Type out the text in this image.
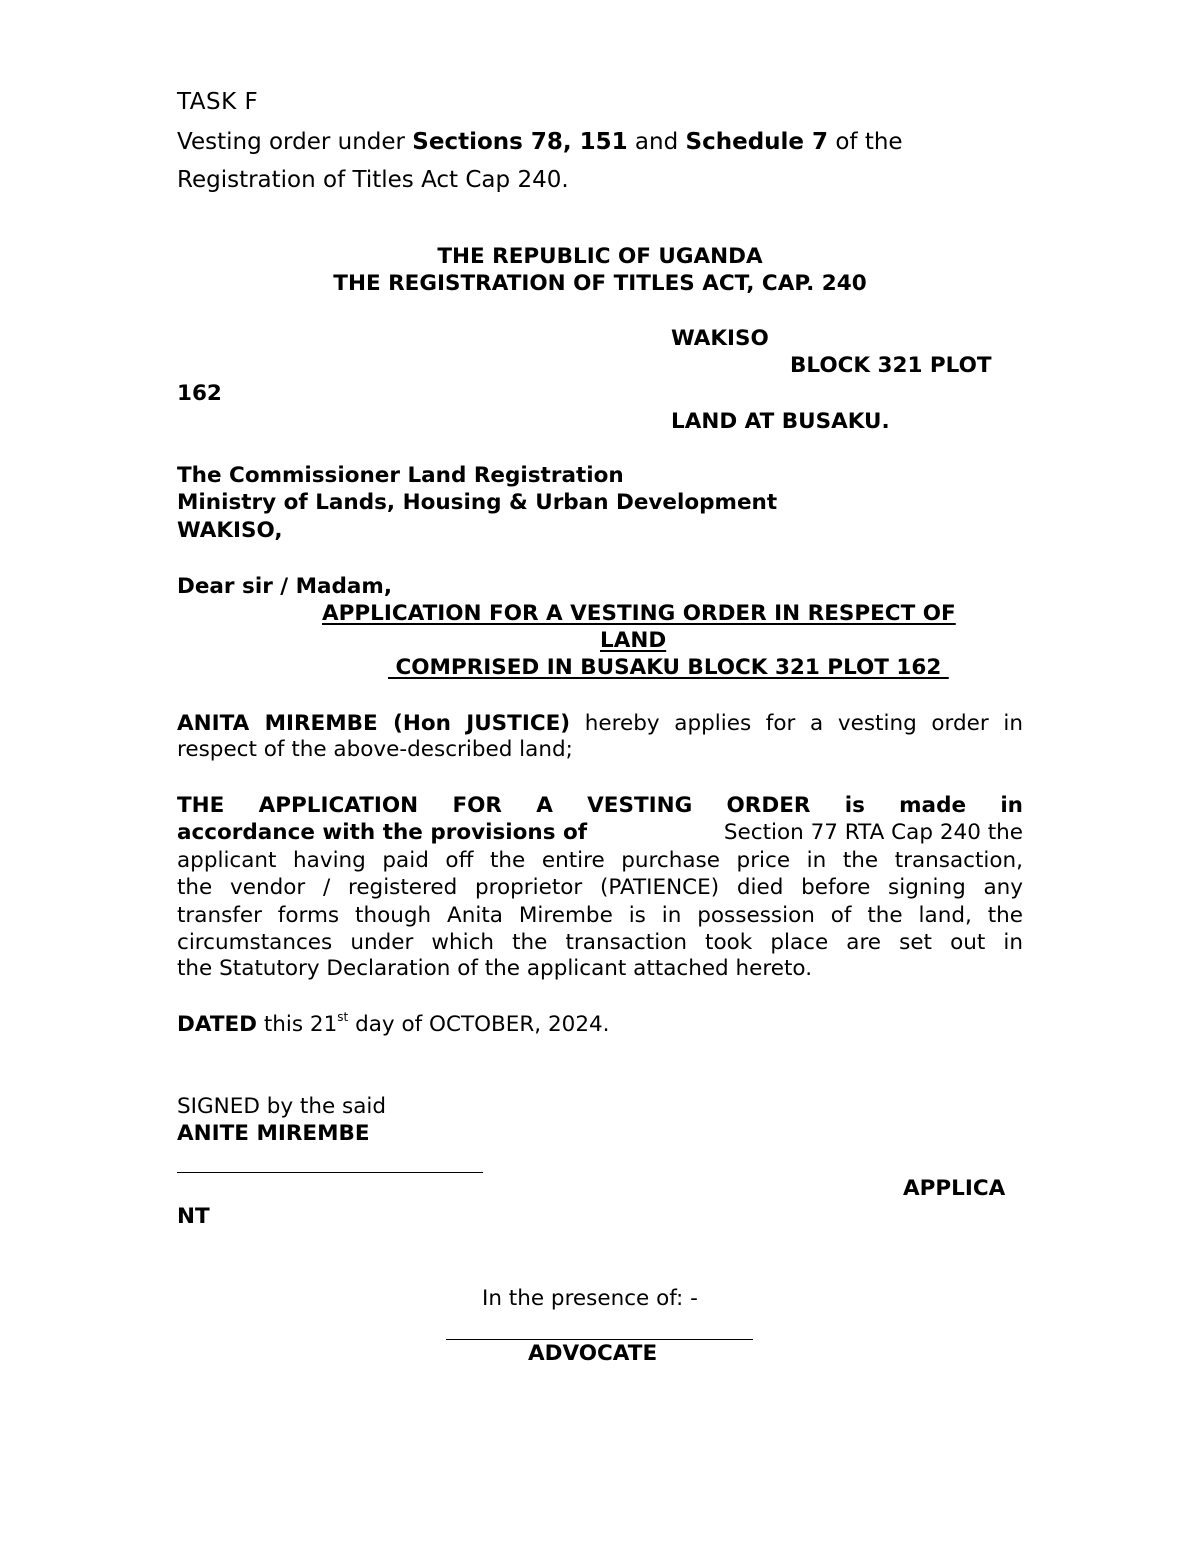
TASK F
Vesting order under Sections 78, 151 and Schedule 7 of the
Registration of Titles Act Cap 240.
THE REPUBLIC OF UGANDA
THE REGISTRATION OF TITLES ACT, CAP. 240
WAKISO
BLOCK 321 PLOT
162
LAND AT BUSAKU.
The Commissioner Land Registration
Ministry of Lands, Housing & Urban Development
WAKISO,
Dear sir / Madam,
APPLICATION FOR A VESTING ORDER IN RESPECT OF
LAND
COMPRISED IN BUSAKU BLOCK 321 PLOT 162
ANITA MIREMBE (Hon JUSTICE) hereby applies for a vesting order in
respect of the above-described land;
THE APPLICATION FOR A VESTING ORDER is made in
accordance with the provisions of	Section 77 RTA Cap 240 the
applicant having paid off the entire purchase price in the transaction,
the vendor / registered proprietor (PATIENCE) died before signing any
transfer forms though Anita Mirembe is in possession of the land, the
circumstances under which the transaction took place are set out in
the Statutory Declaration of the applicant attached hereto.
DATED this 21st day of OCTOBER, 2024.
SIGNED by the said
ANITE MIREMBE
APPLICA
NT
In the presence of: -
ADVOCATE
